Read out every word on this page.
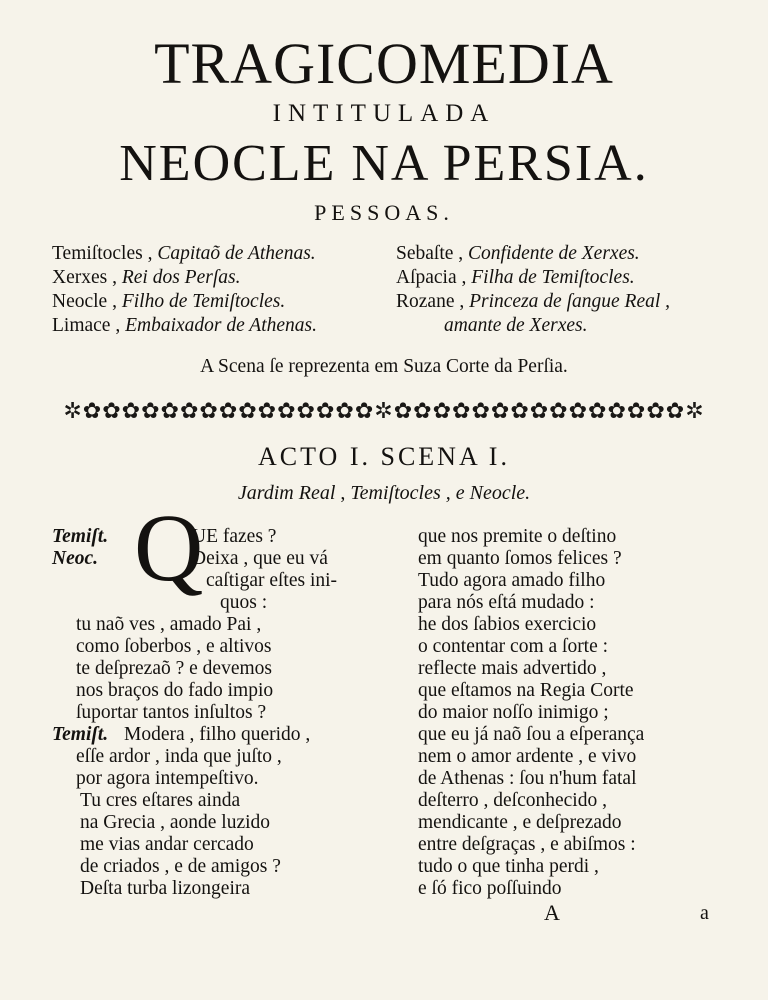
TRAGICOMEDIA
INTITULADA
NEOCLE NA PERSIA.
PESSOAS.
Temiſtocles , Capitaõ de Athenas.
Xerxes , Rei dos Perſas.
Neocle , Filho de Temiſtocles.
Limace , Embaixador de Athenas.
Sebaſte , Confidente de Xerxes.
Aſpacia , Filha de Temiſtocles.
Rozane , Princeza de ſangue Real ,
amante de Xerxes.
A Scena ſe reprezenta em Suza Corte da Perſia.
✲✿✿✿✿✿✿✿✿✿✿✿✿✿✿✿✲✿✿✿✿✿✿✿✿✿✿✿✿✿✿✿✲
ACTO I. SCENA I.
Jardim Real , Temiſtocles , e Neocle.
Q
Temiſt.	UE fazes ?
Neoc.	Deixa , que eu vá
caſtigar eſtes ini-
quos :
tu naõ ves , amado Pai ,
como ſoberbos , e altivos
te deſprezaõ ? e devemos
nos braços do fado impio
ſuportar tantos inſultos ?
Temiſt. Modera , filho querido ,
eſſe ardor , inda que juſto ,
por agora intempeſtivo.
Tu cres eſtares ainda
na Grecia , aonde luzido
me vias andar cercado
de criados , e de amigos ?
Deſta turba lizongeira
que nos premite o deſtino
em quanto ſomos felices ?
Tudo agora amado filho
para nós eſtá mudado :
he dos ſabios exercicio
o contentar com a ſorte :
reflecte mais advertido ,
que eſtamos na Regia Corte
do maior noſſo inimigo ;
que eu já naõ ſou a eſperança
nem o amor ardente , e vivo
de Athenas : ſou n'hum fatal
deſterro , deſconhecido ,
mendicante , e deſprezado
entre deſgraças , e abiſmos :
tudo o que tinha perdi ,
e ſó fico poſſuindo
A	a
